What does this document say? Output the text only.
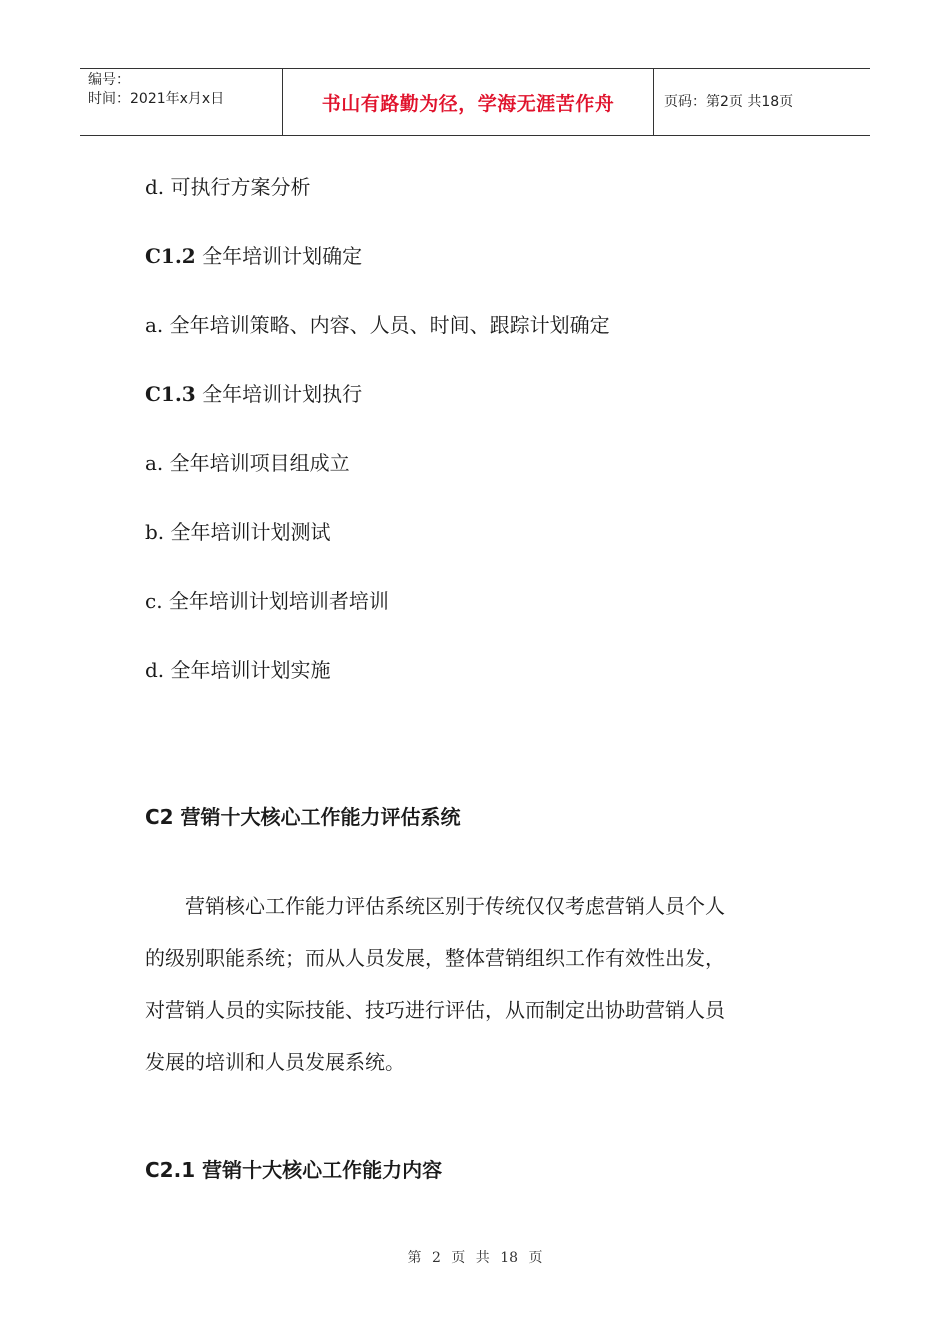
编号：
时间：2021年x月x日	书山有路勤为径，学海无涯苦作舟	页码：第2页 共18页
d. 可执行方案分析
C1.2 全年培训计划确定
a. 全年培训策略、内容、人员、时间、跟踪计划确定
C1.3 全年培训计划执行
a. 全年培训项目组成立
b. 全年培训计划测试
c. 全年培训计划培训者培训
d. 全年培训计划实施
C2 营销十大核心工作能力评估系统
　　营销核心工作能力评估系统区别于传统仅仅考虑营销人员个人
的级别职能系统；而从人员发展，整体营销组织工作有效性出发，
对营销人员的实际技能、技巧进行评估，从而制定出协助营销人员
发展的培训和人员发展系统。
C2.1 营销十大核心工作能力内容
第 2 页 共 18 页
